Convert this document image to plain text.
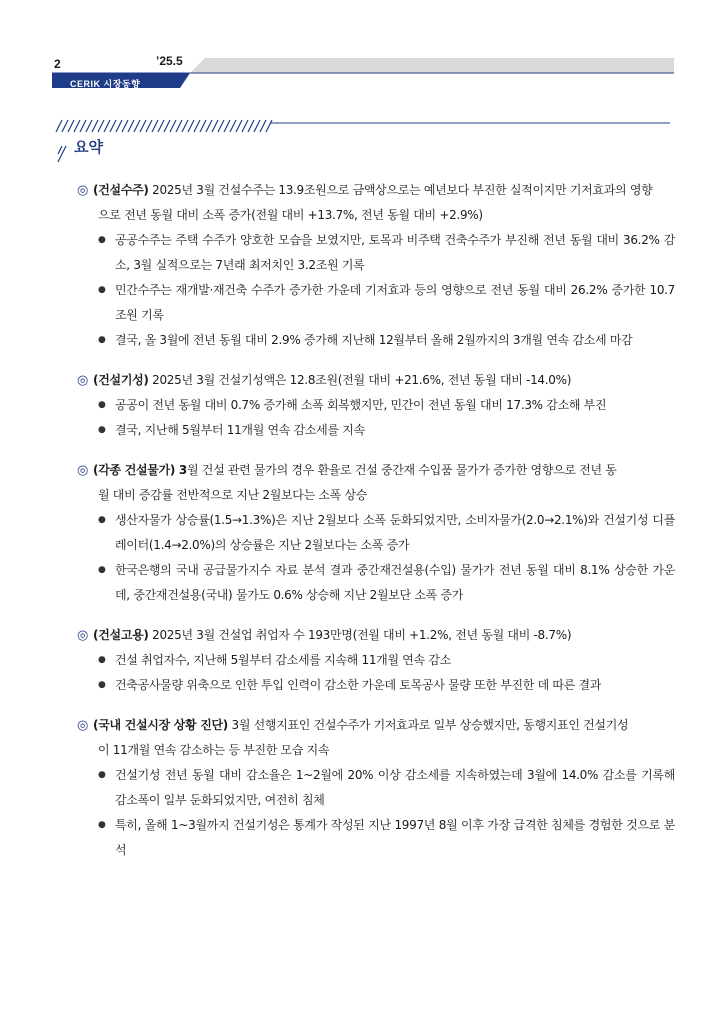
2	’25.5
CERIK 시장동향
요약
◎ (건설수주) 2025년 3월 건설수주는 13.9조원으로 금액상으로는 예년보다 부진한 실적이지만 기저효과의 영향
으로 전년 동월 대비 소폭 증가(전월 대비 +13.7%, 전년 동월 대비 +2.9%)
● 공공수주는 주택 수주가 양호한 모습을 보였지만, 토목과 비주택 건축수주가 부진해 전년 동월 대비 36.2% 감소, 3월 실적으로는 7년래 최저치인 3.2조원 기록
● 민간수주는 재개발·재건축 수주가 증가한 가운데 기저효과 등의 영향으로 전년 동월 대비 26.2% 증가한 10.7조원 기록
● 결국, 올 3월에 전년 동월 대비 2.9% 증가해 지난해 12월부터 올해 2월까지의 3개월 연속 감소세 마감
◎ (건설기성) 2025년 3월 건설기성액은 12.8조원(전월 대비 +21.6%, 전년 동월 대비 -14.0%)
● 공공이 전년 동월 대비 0.7% 증가해 소폭 회복했지만, 민간이 전년 동월 대비 17.3% 감소해 부진
● 결국, 지난해 5월부터 11개월 연속 감소세를 지속
◎ (각종 건설물가) 3월 건설 관련 물가의 경우 환율로 건설 중간재 수입품 물가가 증가한 영향으로 전년 동
월 대비 증감률 전반적으로 지난 2월보다는 소폭 상승
● 생산자물가 상승률(1.5→1.3%)은 지난 2월보다 소폭 둔화되었지만, 소비자물가(2.0→2.1%)와 건설기성 디플레이터(1.4→2.0%)의 상승률은 지난 2월보다는 소폭 증가
● 한국은행의 국내 공급물가지수 자료 분석 결과 중간재건설용(수입) 물가가 전년 동월 대비 8.1% 상승한 가운데, 중간재건설용(국내) 물가도 0.6% 상승해 지난 2월보단 소폭 증가
◎ (건설고용) 2025년 3월 건설업 취업자 수 193만명(전월 대비 +1.2%, 전년 동월 대비 -8.7%)
● 건설 취업자수, 지난해 5월부터 감소세를 지속해 11개월 연속 감소
● 건축공사물량 위축으로 인한 투입 인력이 감소한 가운데 토목공사 물량 또한 부진한 데 따른 결과
◎ (국내 건설시장 상황 진단) 3월 선행지표인 건설수주가 기저효과로 일부 상승했지만, 동행지표인 건설기성
이 11개월 연속 감소하는 등 부진한 모습 지속
● 건설기성 전년 동월 대비 감소율은 1~2월에 20% 이상 감소세를 지속하였는데 3월에 14.0% 감소를 기록해 감소폭이 일부 둔화되었지만, 여전히 침체
● 특히, 올해 1~3월까지 건설기성은 통계가 작성된 지난 1997년 8월 이후 가장 급격한 침체를 경험한 것으로 분석
